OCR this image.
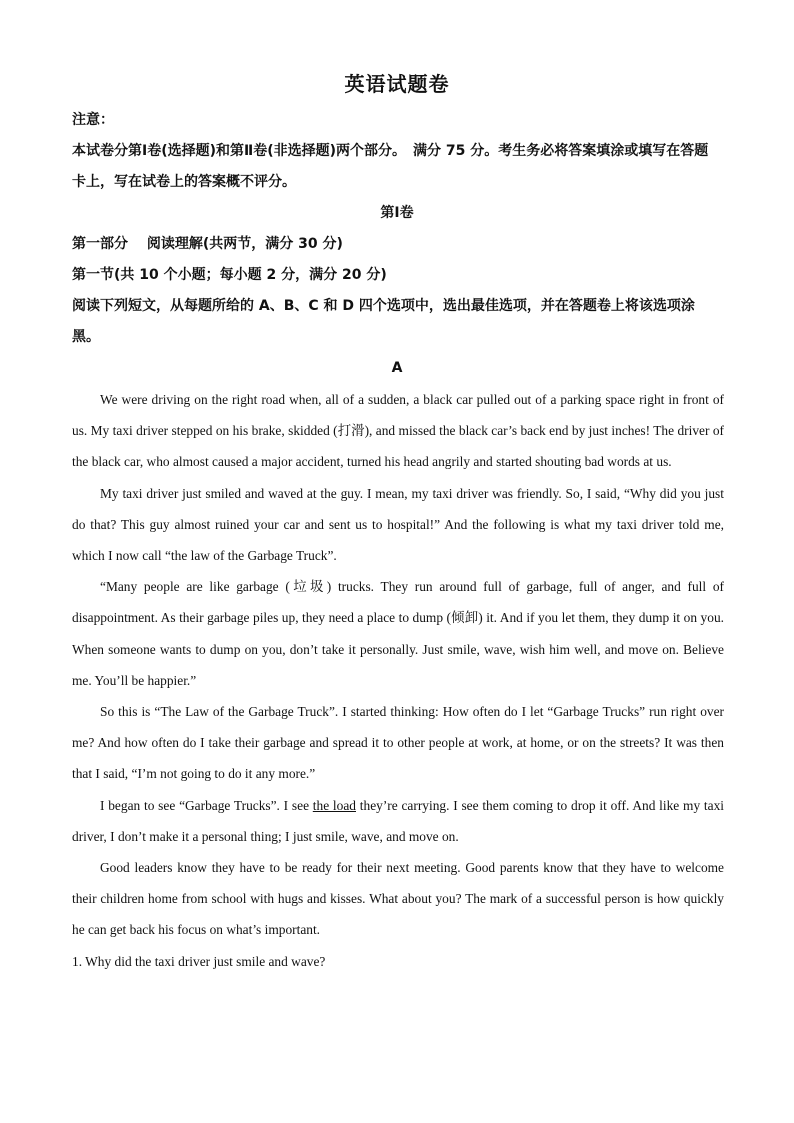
英语试题卷
注意：
本试卷分第Ⅰ卷(选择题)和第Ⅱ卷(非选择题)两个部分。　满分 75 分。考生务必将答案填涂或填写在答题卡上，写在试卷上的答案概不评分。
第Ⅰ卷
第一部分　 阅读理解(共两节，满分 30 分)
第一节(共 10 个小题；每小题 2 分，满分 20 分)
阅读下列短文，从每题所给的 A、B、C 和 D 四个选项中，选出最佳选项，并在答题卷上将该选项涂黑。
A

We were driving on the right road when, all of a sudden, a black car pulled out of a parking space right in front of us. My taxi driver stepped on his brake, skidded (打滑), and missed the black car’s back end by just inches! The driver of the black car, who almost caused a major accident, turned his head angrily and started shouting bad words at us.

My taxi driver just smiled and waved at the guy. I mean, my taxi driver was friendly. So, I said, “Why did you just do that? This guy almost ruined your car and sent us to hospital!” And the following is what my taxi driver told me, which I now call “the law of the Garbage Truck”.

“Many people are like garbage (垃圾) trucks. They run around full of garbage, full of anger, and full of disappointment. As their garbage piles up, they need a place to dump (倾卸) it. And if you let them, they dump it on you. When someone wants to dump on you, don’t take it personally. Just smile, wave, wish him well, and move on. Believe me. You’ll be happier.”

So this is “The Law of the Garbage Truck”. I started thinking: How often do I let “Garbage Trucks” run right over me? And how often do I take their garbage and spread it to other people at work, at home, or on the streets? It was then that I said, “I’m not going to do it any more.”

I began to see “Garbage Trucks”. I see the load they’re carrying. I see them coming to drop it off. And like my taxi driver, I don’t make it a personal thing; I just smile, wave, and move on.

Good leaders know they have to be ready for their next meeting. Good parents know that they have to welcome their children home from school with hugs and kisses. What about you? The mark of a successful person is how quickly he can get back his focus on what’s important.

1. Why did the taxi driver just smile and wave?
